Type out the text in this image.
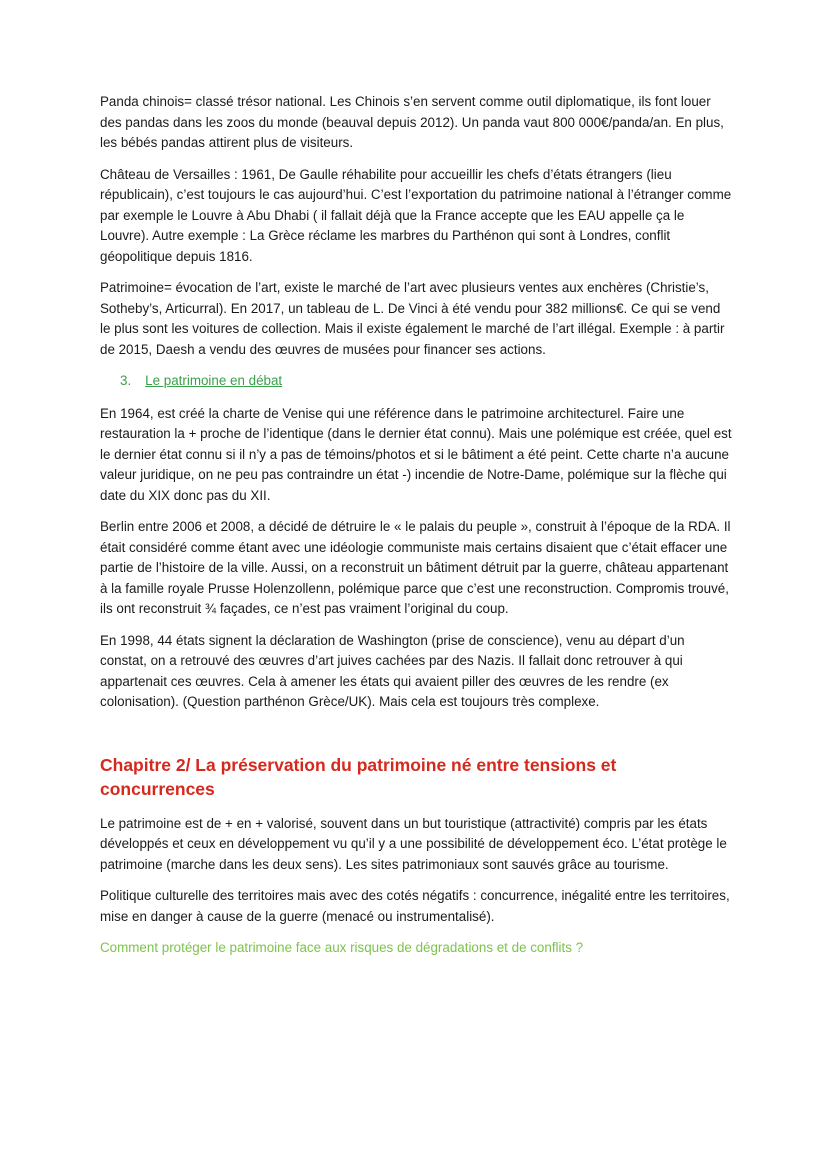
Panda chinois= classé trésor national. Les Chinois s’en servent comme outil diplomatique, ils font louer des pandas dans les zoos du monde (beauval depuis 2012). Un panda vaut 800 000€/panda/an. En plus, les bébés pandas attirent plus de visiteurs.

Château de Versailles : 1961, De Gaulle réhabilite pour accueillir les chefs d’états étrangers (lieu républicain), c’est toujours le cas aujourd’hui. C’est l’exportation du patrimoine national à l’étranger comme par exemple le Louvre à Abu Dhabi ( il fallait déjà que la France accepte que les EAU appelle ça le Louvre). Autre exemple : La Grèce réclame les marbres du Parthénon qui sont à Londres, conflit géopolitique depuis 1816.

Patrimoine= évocation de l’art, existe le marché de l’art avec plusieurs ventes aux enchères (Christie’s, Sotheby’s, Articurral). En 2017, un tableau de L. De Vinci à été vendu pour 382 millions€. Ce qui se vend le plus sont les voitures de collection. Mais il existe également le marché de l’art illégal. Exemple : à partir de 2015, Daesh a vendu des œuvres de musées pour financer ses actions.

3. Le patrimoine en débat

En 1964, est créé la charte de Venise qui une référence dans le patrimoine architecturel. Faire une restauration la + proche de l’identique (dans le dernier état connu). Mais une polémique est créée, quel est le dernier état connu si il n’y a pas de témoins/photos et si le bâtiment a été peint. Cette charte n’a aucune valeur juridique, on ne peu pas contraindre un état -) incendie de Notre-Dame, polémique sur la flèche qui date du XIX donc pas du XII.

Berlin entre 2006 et 2008, a décidé de détruire le « le palais du peuple », construit à l’époque de la RDA. Il était considéré comme étant avec une idéologie communiste mais certains disaient que c’était effacer une partie de l’histoire de la ville. Aussi, on a reconstruit un bâtiment détruit par la guerre, château appartenant à la famille royale Prusse Holenzollenn, polémique parce que c’est une reconstruction. Compromis trouvé, ils ont reconstruit ¾ façades, ce n’est pas vraiment l’original du coup.

En 1998, 44 états signent la déclaration de Washington (prise de conscience), venu au départ d’un constat, on a retrouvé des œuvres d’art juives cachées par des Nazis. Il fallait donc retrouver à qui appartenait ces œuvres. Cela à amener les états qui avaient piller des œuvres de les rendre (ex colonisation). (Question parthénon Grèce/UK). Mais cela est toujours très complexe.

Chapitre 2/ La préservation du patrimoine né entre tensions et concurrences

Le patrimoine est de + en + valorisé, souvent dans un but touristique (attractivité) compris par les états développés et ceux en développement vu qu’il y a une possibilité de développement éco. L’état protège le patrimoine (marche dans les deux sens). Les sites patrimoniaux sont sauvés grâce au tourisme.

Politique culturelle des territoires mais avec des cotés négatifs : concurrence, inégalité entre les territoires, mise en danger à cause de la guerre (menacé ou instrumentalisé).

Comment protéger le patrimoine face aux risques de dégradations et de conflits ?
